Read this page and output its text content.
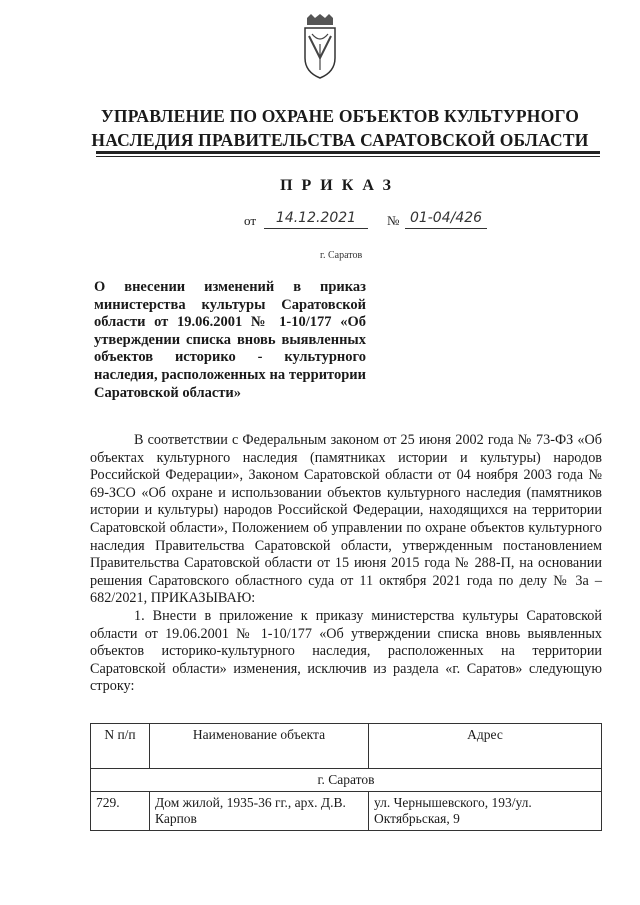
УПРАВЛЕНИЕ ПО ОХРАНЕ ОБЪЕКТОВ КУЛЬТУРНОГО НАСЛЕДИЯ ПРАВИТЕЛЬСТВА САРАТОВСКОЙ ОБЛАСТИ
ПРИКАЗ
от	14.12.2021	№ 01-04/426
г. Саратов
О внесении изменений в приказ министерства культуры Саратовской области от 19.06.2001 № 1-10/177 «Об утверждении списка вновь выявленных объектов историко - культурного наследия, расположенных на территории Саратовской области»

В соответствии с Федеральным законом от 25 июня 2002 года № 73-ФЗ «Об объектах культурного наследия (памятниках истории и культуры) народов Российской Федерации», Законом Саратовской области от 04 ноября 2003 года № 69-ЗСО «Об охране и использовании объектов культурного наследия (памятников истории и культуры) народов Российской Федерации, находящихся на территории Саратовской области», Положением об управлении по охране объектов культурного наследия Правительства Саратовской области, утвержденным постановлением Правительства Саратовской области от 15 июня 2015 года № 288-П, на основании решения Саратовского областного суда от 11 октября 2021 года по делу № 3а – 682/2021, ПРИКАЗЫВАЮ:

1. Внести в приложение к приказу министерства культуры Саратовской области от 19.06.2001 № 1-10/177 «Об утверждении списка вновь выявленных объектов историко-культурного наследия, расположенных на территории Саратовской области» изменения, исключив из раздела «г. Саратов» следующую строку:

N п/п	Наименование объекта	Адрес
г. Саратов		
729.	Дом жилой, 1935-36 гг., арх. Д.В. Карпов	ул. Чернышевского, 193/ул. Октябрьская, 9
